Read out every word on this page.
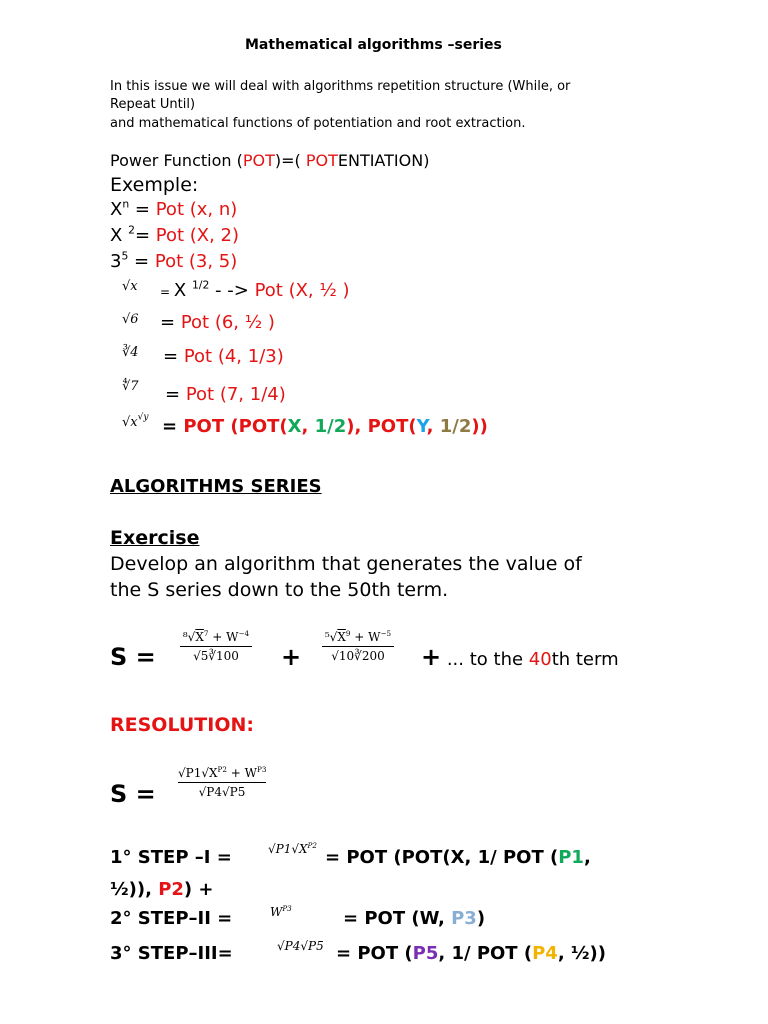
Mathematical algorithms –series
In this issue we will deal with algorithms repetition structure (While, or
Repeat Until)
and mathematical functions of potentiation and root extraction.
Power Function (POT)=( POTENTIATION)
Exemple:
$X^n$ = Pot (x, n)
X $^2$= Pot (X, 2)
$3^5$ = Pot (3, 5)
√x = X $^{1/2}$ - -> Pot (X, ½ )
√6 = Pot (6, ½ )
∛4 = Pot (4, 1/3)
∜7 = Pot (7, 1/4)
$√x^{√y}$ = POT (POT(X, 1/2), POT(Y, 1/2))
ALGORITHMS SERIES
Exercise
Develop an algorithm that generates the value of
the S series down to the 50th term.
S =
$^8√X^7 + W^{-4}$
√5∛100	+
$^5√X^9 + W^{-5}$
√10∛200	+ ... to the 40th term
RESOLUTION:
S =
$√P1√X^{P2} + W^{P3}$
√P4√P5
1° STEP –I =	$√P1√X^{P2}$
= POT (POT(X, 1/ POT (P1,
½)), P2) +
2° STEP–II =	$W^{P3}$	= POT (W, P3)
3° STEP–III=	√P4√P5 = POT (P5, 1/ POT (P4, ½))
